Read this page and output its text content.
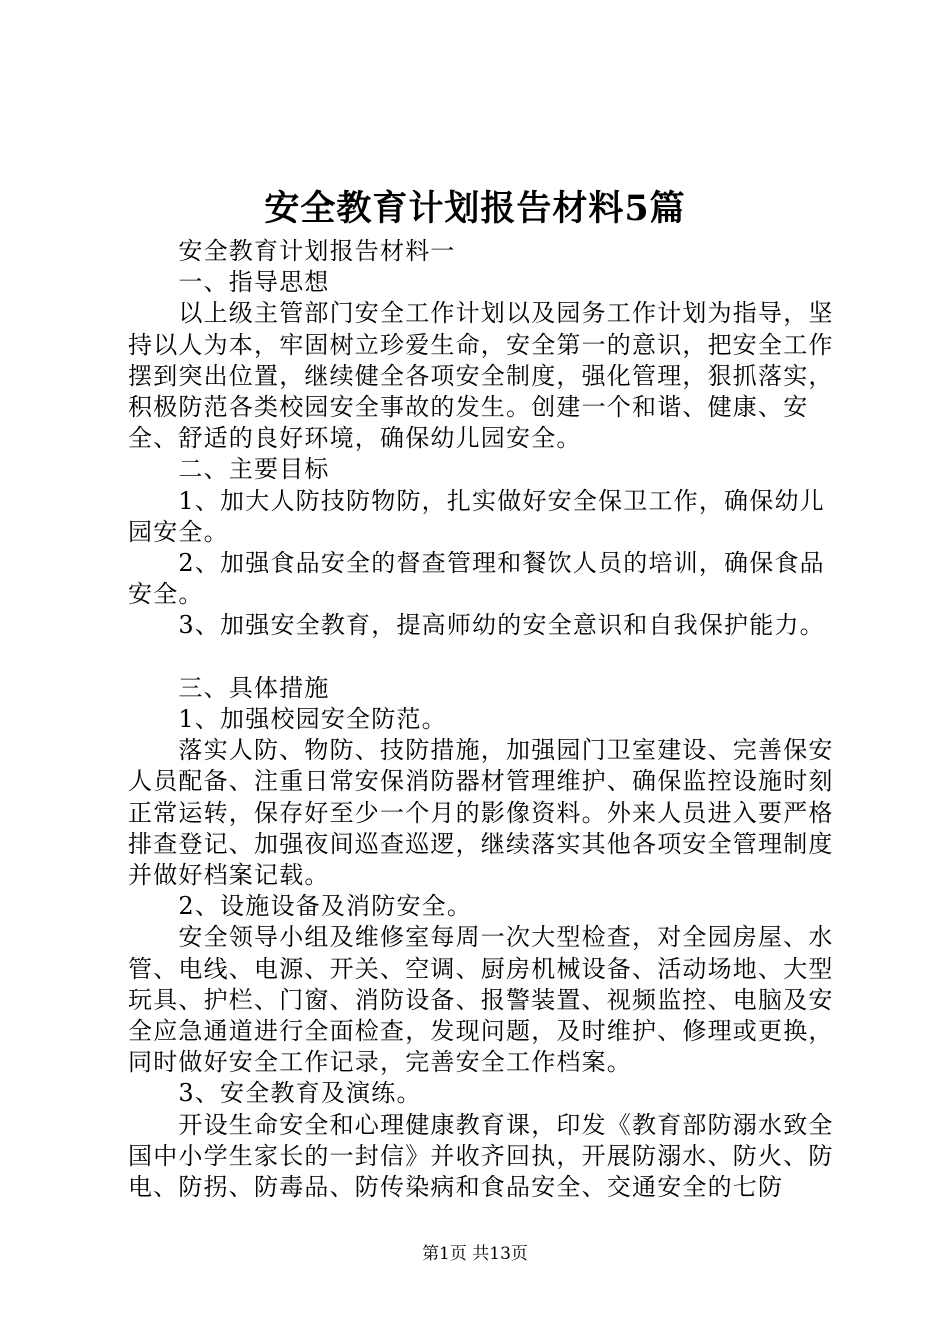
安全教育计划报告材料5篇

安全教育计划报告材料一

一、指导思想

以上级主管部门安全工作计划以及园务工作计划为指导，坚持以人为本，牢固树立珍爱生命，安全第一的意识，把安全工作摆到突出位置，继续健全各项安全制度，强化管理，狠抓落实，积极防范各类校园安全事故的发生。创建一个和谐、健康、安全、舒适的良好环境，确保幼儿园安全。

二、主要目标

1、加大人防技防物防，扎实做好安全保卫工作，确保幼儿园安全。

2、加强食品安全的督查管理和餐饮人员的培训，确保食品安全。

3、加强安全教育，提高师幼的安全意识和自我保护能力。

三、具体措施

1、加强校园安全防范。

落实人防、物防、技防措施，加强园门卫室建设、完善保安人员配备、注重日常安保消防器材管理维护、确保监控设施时刻正常运转，保存好至少一个月的影像资料。外来人员进入要严格排查登记、加强夜间巡查巡逻，继续落实其他各项安全管理制度并做好档案记载。

2、设施设备及消防安全。

安全领导小组及维修室每周一次大型检查，对全园房屋、水管、电线、电源、开关、空调、厨房机械设备、活动场地、大型玩具、护栏、门窗、消防设备、报警装置、视频监控、电脑及安全应急通道进行全面检查，发现问题，及时维护、修理或更换，同时做好安全工作记录，完善安全工作档案。

3、安全教育及演练。

开设生命安全和心理健康教育课，印发《教育部防溺水致全国中小学生家长的一封信》并收齐回执，开展防溺水、防火、防电、防拐、防毒品、防传染病和食品安全、交通安全的七防

第1页 共13页
